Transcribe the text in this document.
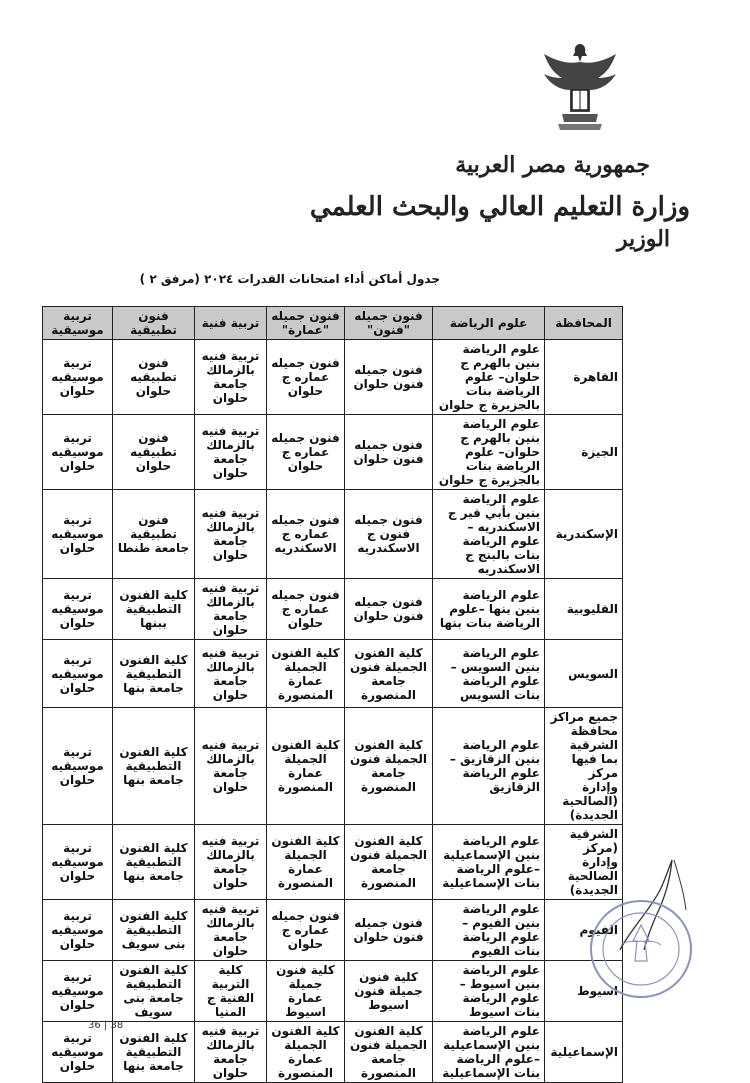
جمهورية مصر العربية
وزارة التعليم العالي والبحث العلمي
الوزير
جدول أماكن أداء امتحانات القدرات ٢٠٢٤ (مرفق ٢ )
المحافظة	علوم الرياضة	فنون جميله "فنون"	فنون جميله "عمارة"	تربية فنية	فنون تطبيقية	تربية موسيقية
القاهرة	علوم الرياضة بنين بالهرم ج حلوان– علوم الرياضة بنات بالجزيرة ج حلوان	فنون جميله فنون حلوان	فنون جميله عماره ج حلوان	تربية فنيه بالزمالك جامعة حلوان	فنون تطبيقيه حلوان	تربية موسيقيه حلوان
الجيزة	علوم الرياضة بنين بالهرم ج حلوان– علوم الرياضة بنات بالجزيرة ج حلوان	فنون جميله فنون حلوان	فنون جميله عماره ج حلوان	تربية فنيه بالزمالك جامعة حلوان	فنون تطبيقيه حلوان	تربية موسيقيه حلوان
الإسكندرية	علوم الرياضة بنين بأبي قير ج الاسكندريه – علوم الرياضة بنات بالبنج ج الاسكندريه	فنون جميله فنون ج الاسكندريه	فنون جميله عماره ج الاسكندريه	تربية فنيه بالزمالك جامعة حلوان	فنون تطبيقية جامعة طنطا	تربية موسيقيه حلوان
القليوبية	علوم الرياضة بنين بنها –علوم الرياضة بنات بنها	فنون جميله فنون حلوان	فنون جميله عماره ج حلوان	تربية فنيه بالزمالك جامعة حلوان	كلية الفنون التطبيقية ببنها	تربية موسيقيه حلوان
السويس	علوم الرياضة بنين السويس –علوم الرياضة بنات السويس	كلية الفنون الجميلة فنون جامعة المنصورة	كلية الفنون الجميلة عمارة المنصورة	تربية فنيه بالزمالك جامعة حلوان	كلية الفنون التطبيقية جامعة بنها	تربية موسيقيه حلوان
جميع مراكز محافظة الشرقية بما فيها مركز وإدارة (الصالحية الجديدة)	علوم الرياضة بنين الزقازيق – علوم الرياضة الزقازيق	كلية الفنون الجميلة فنون جامعة المنصورة	كلية الفنون الجميلة عمارة المنصورة	تربية فنيه بالزمالك جامعة حلوان	كلية الفنون التطبيقية جامعة بنها	تربية موسيقيه حلوان
الشرقية (مركز وإدارة الصالحية الجديدة)	علوم الرياضة بنين الإسماعيلية –علوم الرياضة بنات الإسماعيلية	كلية الفنون الجميلة فنون جامعة المنصورة	كلية الفنون الجميلة عمارة المنصورة	تربية فنيه بالزمالك جامعة حلوان	كلية الفنون التطبيقية جامعة بنها	تربية موسيقيه حلوان
الفيوم	علوم الرياضة بنين الفيوم –علوم الرياضة بنات الفيوم	فنون جميله فنون حلوان	فنون جميله عماره ج حلوان	تربية فنيه بالزمالك جامعة حلوان	كلية الفنون التطبيقية بنى سويف	تربية موسيقيه حلوان
اسيوط	علوم الرياضة بنين اسيوط –علوم الرياضة بنات اسيوط	كلية فنون جميلة فنون اسيوط	كلية فنون جميلة عمارة اسيوط	كلية التربية الفنية ج المنيا	كلية الفنون التطبيقية جامعة بنى سويف	تربية موسيقيه حلوان
الإسماعيلية	علوم الرياضة بنين الإسماعيلية –علوم الرياضة بنات الإسماعيلية	كلية الفنون الجميلة فنون جامعة المنصورة	كلية الفنون الجميلة عمارة المنصورة	تربية فنيه بالزمالك جامعة حلوان	كلية الفنون التطبيقية جامعة بنها	تربية موسيقيه حلوان
36 | 38
